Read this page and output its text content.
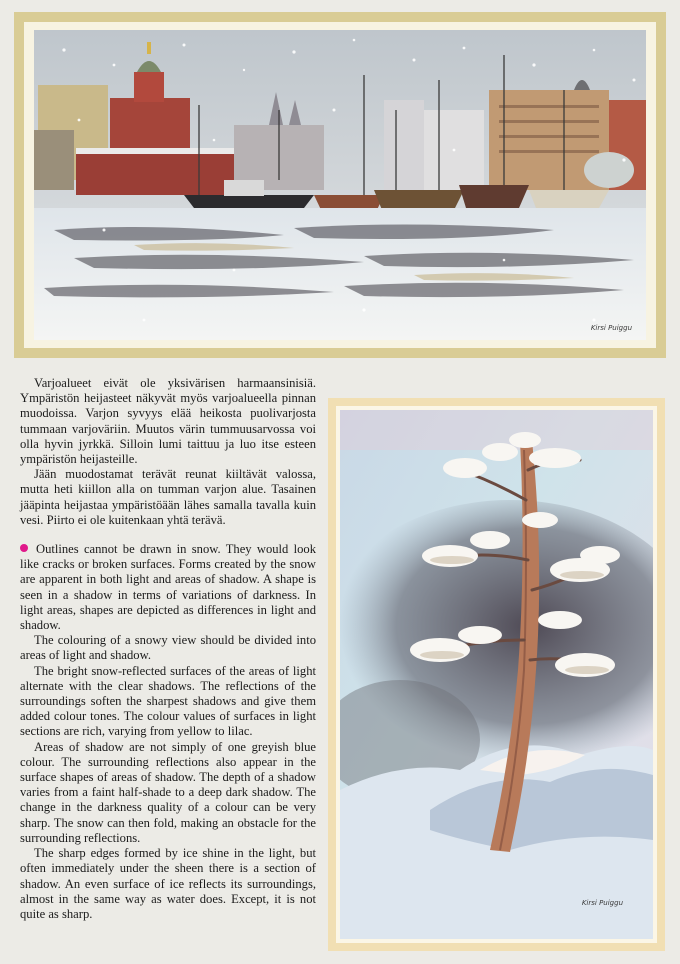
Kirsi Puiggu

Varjoalueet eivät ole yksivärisen harmaansinisiä. Ympäristön heijasteet näkyvät myös varjoalueella pinnan muodoissa. Varjon syvyys elää heikosta puolivarjosta tummaan varjoväriin. Muutos värin tummuusarvossa voi olla hyvin jyrkkä. Silloin lumi taittuu ja luo itse esteen ympäristön heijasteille.

Jään muodostamat terävät reunat kiiltävät valossa, mutta heti kiillon alla on tumman varjon alue. Tasainen jääpinta heijastaa ympäristöään lähes samalla tavalla kuin vesi. Piirto ei ole kuitenkaan yhtä terävä.

Outlines cannot be drawn in snow. They would look like cracks or broken surfaces. Forms created by the snow are apparent in both light and areas of shadow. A shape is seen in a shadow in terms of variations of darkness. In light areas, shapes are depicted as differences in light and shadow.

The colouring of a snowy view should be divided into areas of light and shadow.

The bright snow-reflected surfaces of the areas of light alternate with the clear shadows. The reflections of the surroundings soften the sharpest shadows and give them added colour tones. The colour values of surfaces in light sections are rich, varying from yellow to lilac.

Areas of shadow are not simply of one greyish blue colour. The surrounding reflections also appear in the surface shapes of areas of shadow. The depth of a shadow varies from a faint half-shade to a deep dark shadow. The change in the darkness quality of a colour can be very sharp. The snow can then fold, making an obstacle for the surrounding reflections.

The sharp edges formed by ice shine in the light, but often immediately under the sheen there is a section of shadow. An even surface of ice reflects its surroundings, almost in the same way as water does. Except, it is not quite as sharp.

Kirsi Puiggu
